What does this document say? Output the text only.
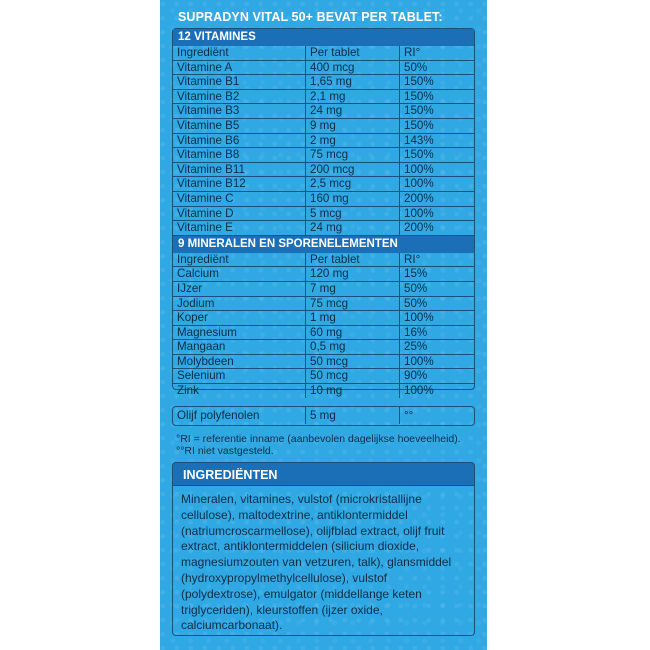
SUPRADYN VITAL 50+ BEVAT PER TABLET:
12 VITAMINES
Ingrediënt	Per tablet	RI°
Vitamine A	400 mcg	50%
Vitamine B1	1,65 mg	150%
Vitamine B2	2,1 mg	150%
Vitamine B3	24 mg	150%
Vitamine B5	9 mg	150%
Vitamine B6	2 mg	143%
Vitamine B8	75 mcg	150%
Vitamine B11	200 mcg	100%
Vitamine B12	2,5 mcg	100%
Vitamine C	160 mg	200%
Vitamine D	5 mcg	100%
Vitamine E	24 mg	200%
9 MINERALEN EN SPORENELEMENTEN
Ingrediënt	Per tablet	RI°
Calcium	120 mg	15%
IJzer	7 mg	50%
Jodium	75 mcg	50%
Koper	1 mg	100%
Magnesium	60 mg	16%
Mangaan	0,5 mg	25%
Molybdeen	50 mcg	100%
Selenium	50 mcg	90%
Zink	10 mg	100%
Olijf polyfenolen	5 mg	°°
°RI = referentie inname (aanbevolen dagelijkse hoeveelheid).
°°RI niet vastgesteld.
INGREDIËNTEN
Mineralen, vitamines, vulstof (microkristallijne cellulose), maltodextrine, antiklontermiddel (natriumcroscarmellose), olijfblad extract, olijf fruit extract, antiklontermiddelen (silicium dioxide, magnesiumzouten van vetzuren, talk), glansmiddel (hydroxypropylmethylcellulose), vulstof (polydextrose), emulgator (middellange keten triglyceriden), kleurstoffen (ijzer oxide, calciumcarbonaat).
